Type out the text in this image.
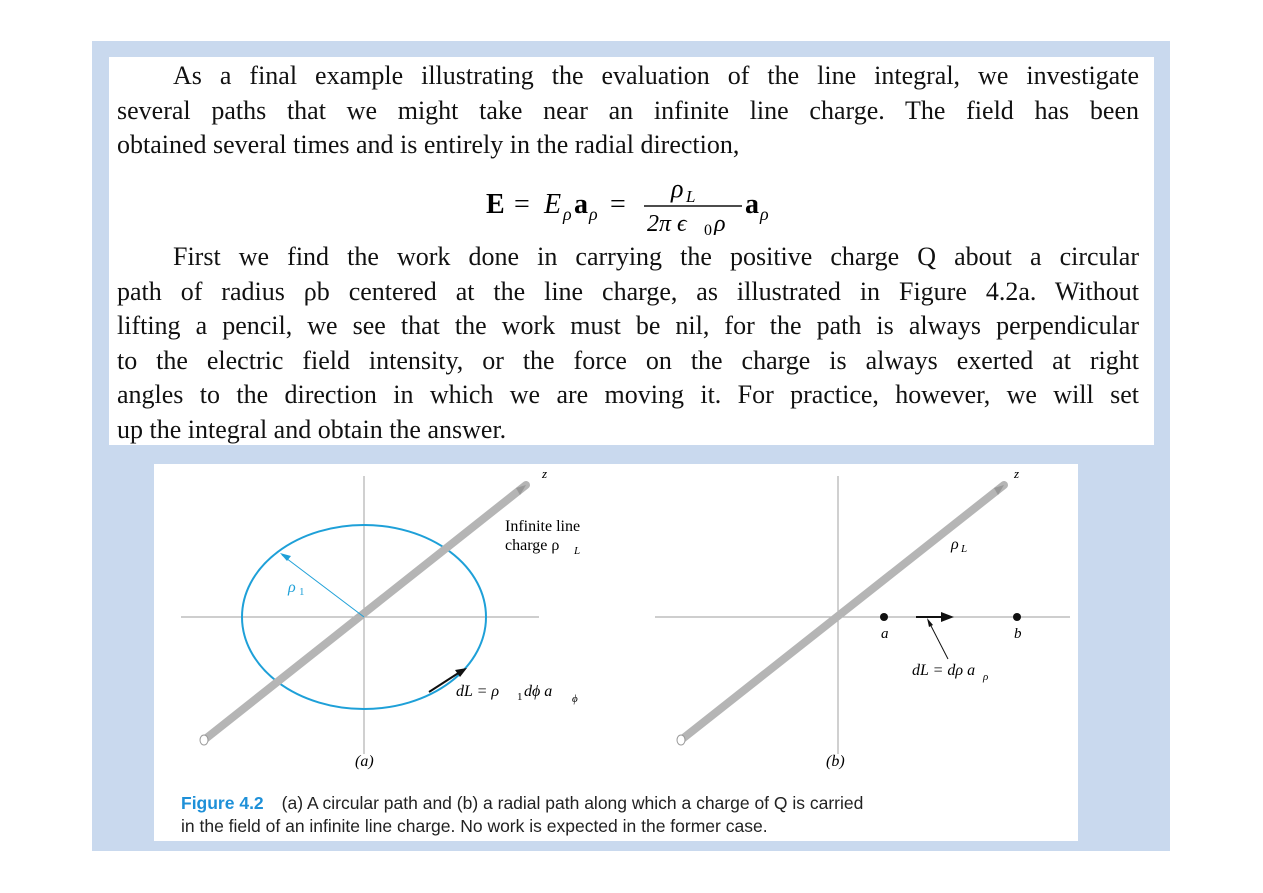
As a final example illustrating the evaluation of the line integral, we investigate
several paths that we might take near an infinite line charge. The field has been
obtained several times and is entirely in the radial direction,

E = E ρ a ρ =
ρ L
2π ϵ 0 ρ
a ρ

First we find the work done in carrying the positive charge Q about a circular
path of radius ρb centered at the line charge, as illustrated in Figure 4.2a. Without
lifting a pencil, we see that the work must be nil, for the path is always perpendicular
to the electric field intensity, or the force on the charge is always exerted at right
angles to the direction in which we are moving it. For practice, however, we will set
up the integral and obtain the answer.

z
ρ 1
Infinite line
charge ρ L
dL = ρ 1 dϕ a ϕ
(a)
z
ρ L
a	b
dL = dρ a ρ
(b)
Figure 4.2 (a) A circular path and (b) a radial path along which a charge of Q is carried
in the field of an infinite line charge. No work is expected in the former case.
